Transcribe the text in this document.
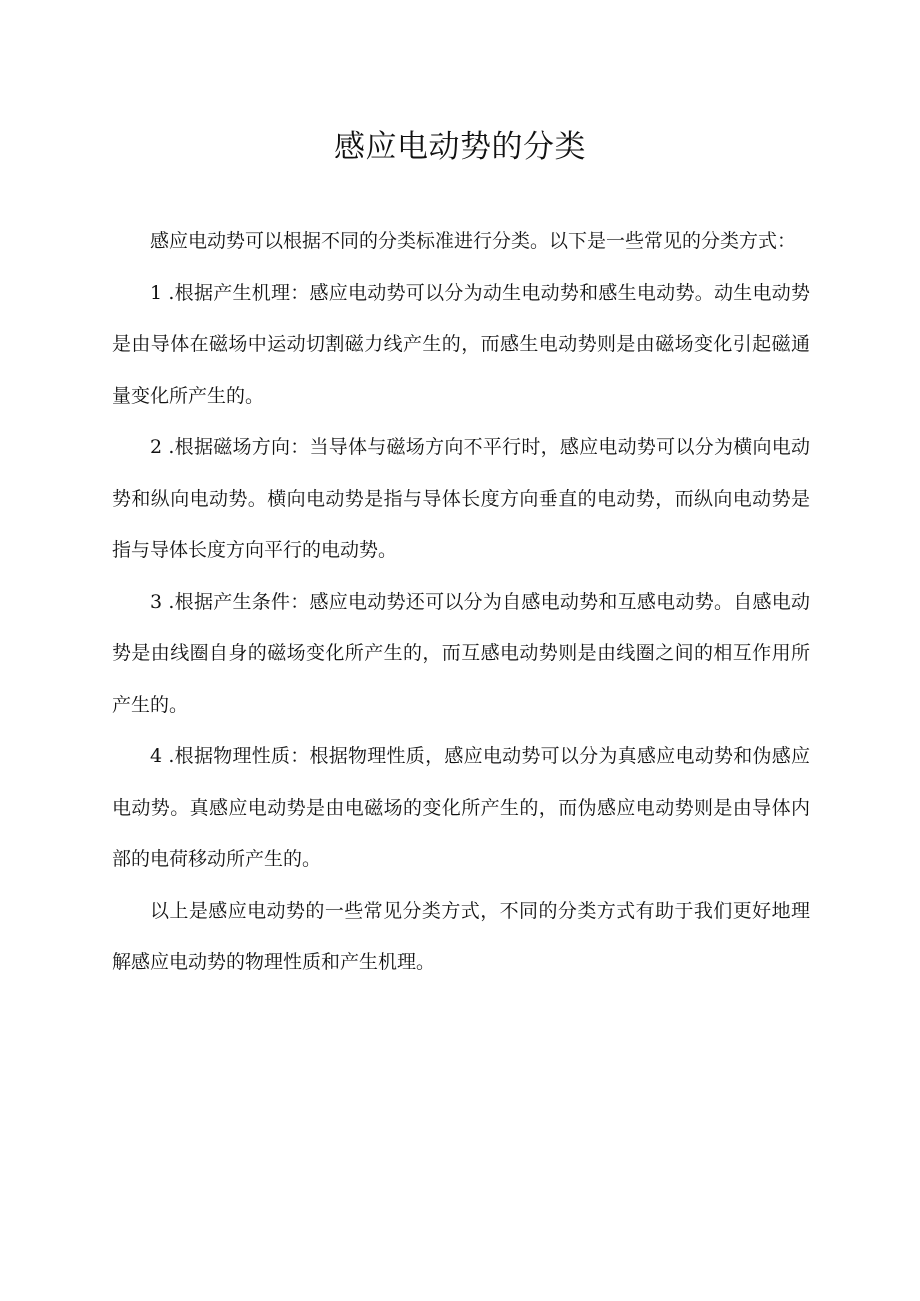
感应电动势的分类

感应电动势可以根据不同的分类标准进行分类。以下是一些常见的分类方式：

1 .根据产生机理：感应电动势可以分为动生电动势和感生电动势。动生电动势是由导体在磁场中运动切割磁力线产生的，而感生电动势则是由磁场变化引起磁通量变化所产生的。

2 .根据磁场方向：当导体与磁场方向不平行时，感应电动势可以分为横向电动势和纵向电动势。横向电动势是指与导体长度方向垂直的电动势，而纵向电动势是指与导体长度方向平行的电动势。

3 .根据产生条件：感应电动势还可以分为自感电动势和互感电动势。自感电动势是由线圈自身的磁场变化所产生的，而互感电动势则是由线圈之间的相互作用所产生的。

4 .根据物理性质：根据物理性质，感应电动势可以分为真感应电动势和伪感应电动势。真感应电动势是由电磁场的变化所产生的，而伪感应电动势则是由导体内部的电荷移动所产生的。

以上是感应电动势的一些常见分类方式，不同的分类方式有助于我们更好地理解感应电动势的物理性质和产生机理。
